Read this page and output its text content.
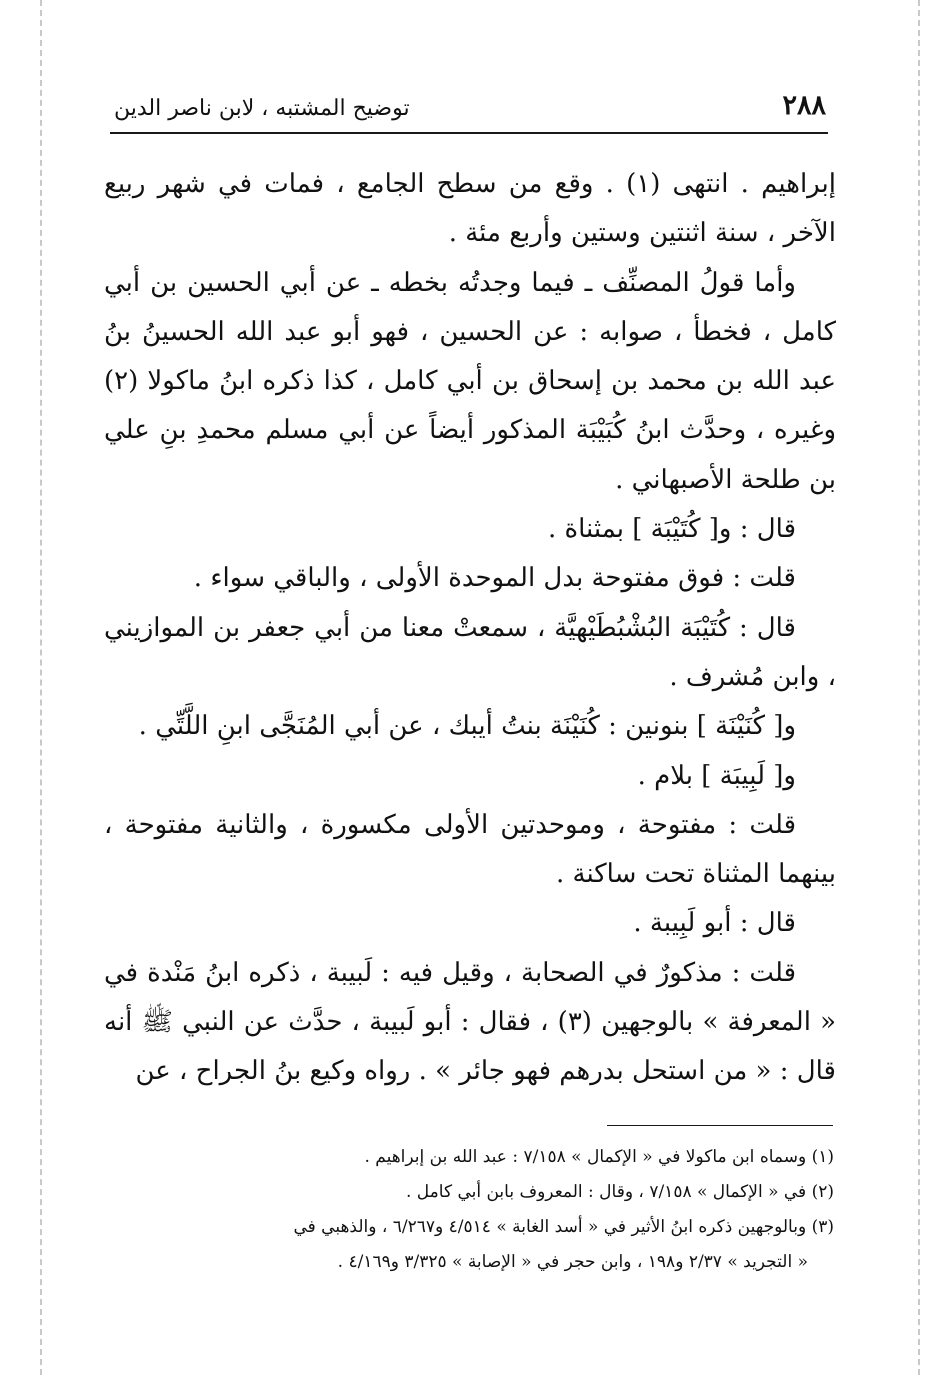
٢٨٨
توضيح المشتبه ، لابن ناصر الدين

إبراهيم . انتهى (١) . وقع من سطح الجامع ، فمات في شهر ربيع الآخر ، سنة اثنتين وستين وأربع مئة .

وأما قولُ المصنِّف ـ فيما وجدتُه بخطه ـ عن أبي الحسين بن أبي كامل ، فخطأ ، صوابه : عن الحسين ، فهو أبو عبد الله الحسينُ بنُ عبد الله بن محمد بن إسحاق بن أبي كامل ، كذا ذكره ابنُ ماكولا (٢) وغيره ، وحدَّث ابنُ كُبَيْبَة المذكور أيضاً عن أبي مسلم محمدِ بنِ علي بن طلحة الأصبهاني .

قال : و[ كُتَيْبَة ] بمثناة .

قلت : فوق مفتوحة بدل الموحدة الأولى ، والباقي سواء .

قال : كُتَيْبَة البُشْبُطَيْهيَّة ، سمعتْ معنا من أبي جعفر بن الموازيني ، وابن مُشرف .

و[ كُنَيْنَة ] بنونين : كُنَيْنَة بنتُ أيبك ، عن أبي المُنَجَّى ابنِ اللَّتِّي .

و[ لَبِيبَة ] بلام .

قلت : مفتوحة ، وموحدتين الأولى مكسورة ، والثانية مفتوحة ، بينهما المثناة تحت ساكنة .

قال : أبو لَبِيبة .

قلت : مذكورٌ في الصحابة ، وقيل فيه : لَبيبة ، ذكره ابنُ مَنْدة في « المعرفة » بالوجهين (٣) ، فقال : أبو لَبيبة ، حدَّث عن النبي ﷺ أنه قال : « من استحل بدرهم فهو جائر » . رواه وكيع بنُ الجراح ، عن

(١) وسماه ابن ماكولا في « الإكمال » ٧/١٥٨ : عبد الله بن إبراهيم .

(٢) في « الإكمال » ٧/١٥٨ ، وقال : المعروف بابن أبي كامل .

(٣) وبالوجهين ذكره ابنُ الأثير في « أسد الغابة » ٤/٥١٤ و٦/٢٦٧ ، والذهبي في

« التجريد » ٢/٣٧ و١٩٨ ، وابن حجر في « الإصابة » ٣/٣٢٥ و٤/١٦٩ .
